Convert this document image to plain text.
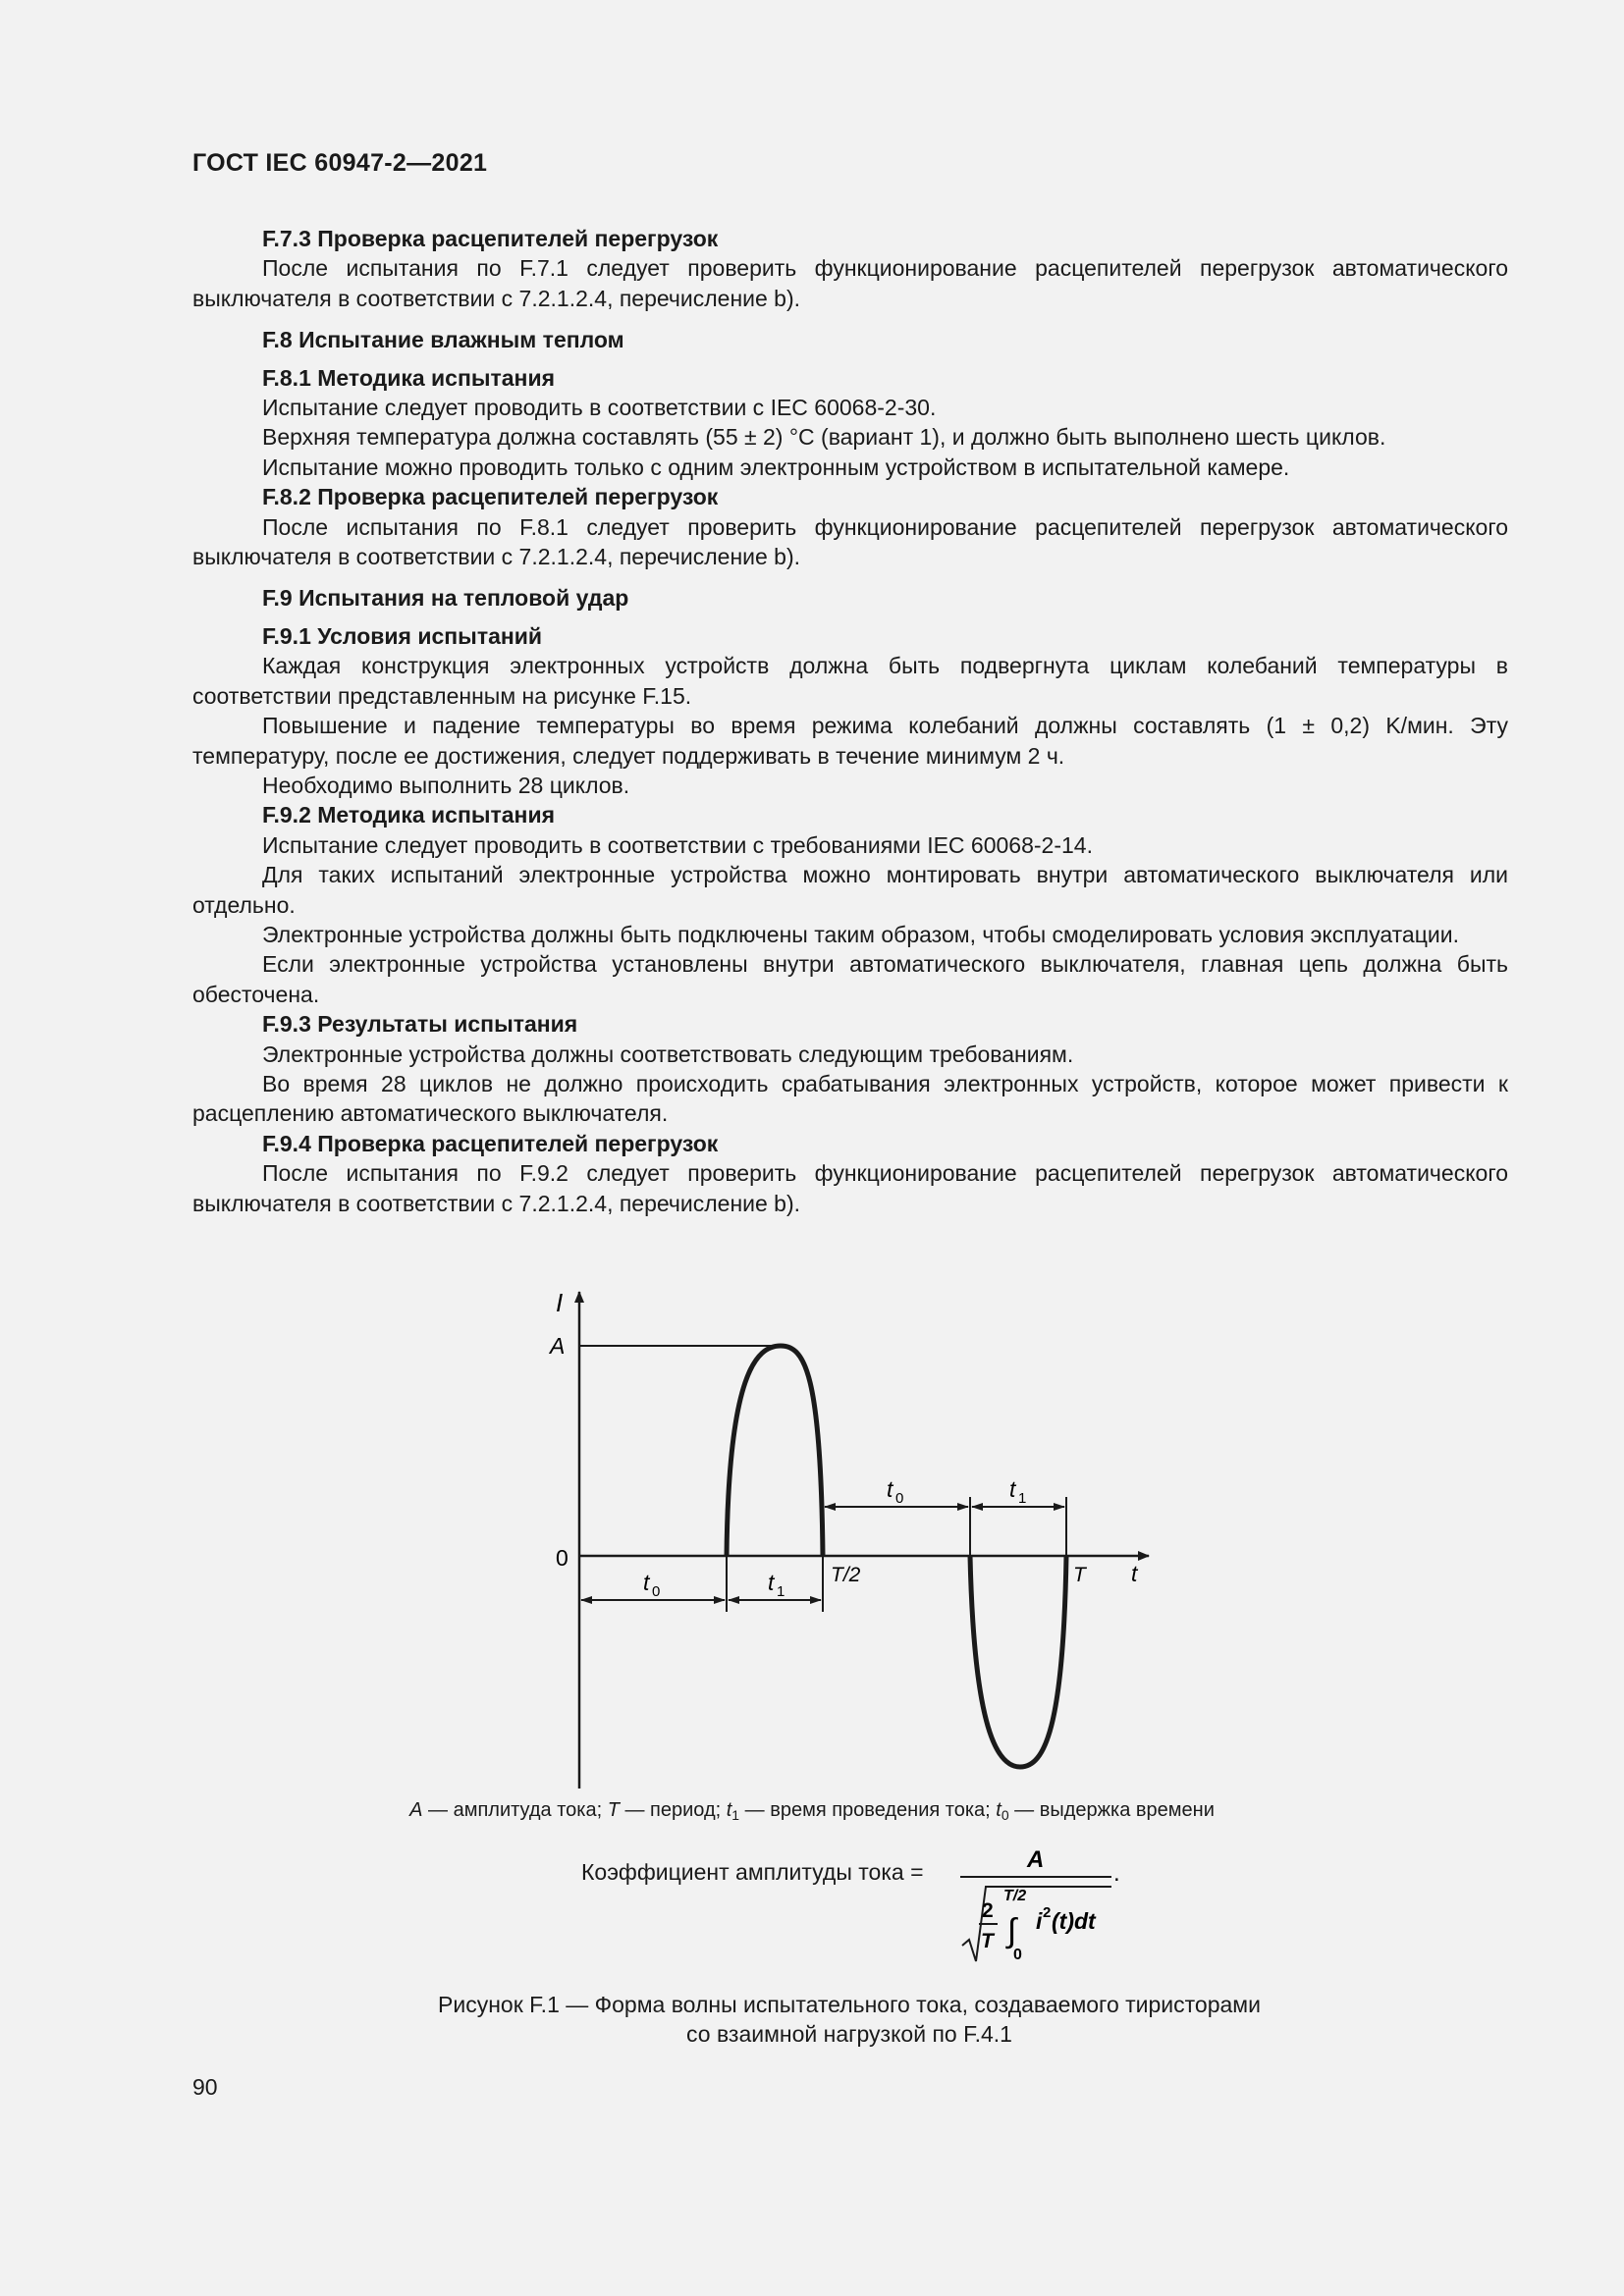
ГОСТ IEC 60947-2—2021
F.7.3 Проверка расцепителей перегрузок
После испытания по F.7.1 следует проверить функционирование расцепителей перегрузок автоматического выключателя в соответствии с 7.2.1.2.4, перечисление b).
F.8 Испытание влажным теплом
F.8.1 Методика испытания
Испытание следует проводить в соответствии с IEC 60068-2-30.
Верхняя температура должна составлять (55 ± 2) °C (вариант 1), и должно быть выполнено шесть циклов.
Испытание можно проводить только с одним электронным устройством в испытательной камере.
F.8.2 Проверка расцепителей перегрузок
После испытания по F.8.1 следует проверить функционирование расцепителей перегрузок автоматического выключателя в соответствии с 7.2.1.2.4, перечисление b).
F.9 Испытания на тепловой удар
F.9.1 Условия испытаний
Каждая конструкция электронных устройств должна быть подвергнута циклам колебаний температуры в соответствии представленным на рисунке F.15.
Повышение и падение температуры во время режима колебаний должны составлять (1 ± 0,2) K/мин. Эту температуру, после ее достижения, следует поддерживать в течение минимум 2 ч.
Необходимо выполнить 28 циклов.
F.9.2 Методика испытания
Испытание следует проводить в соответствии с требованиями IEC 60068-2-14.
Для таких испытаний электронные устройства можно монтировать внутри автоматического выключателя или отдельно.
Электронные устройства должны быть подключены таким образом, чтобы смоделировать условия эксплуатации.
Если электронные устройства установлены внутри автоматического выключателя, главная цепь должна быть обесточена.
F.9.3 Результаты испытания
Электронные устройства должны соответствовать следующим требованиям.
Во время 28 циклов не должно происходить срабатывания электронных устройств, которое может привести к расцеплению автоматического выключателя.
F.9.4 Проверка расцепителей перегрузок
После испытания по F.9.2 следует проверить функционирование расцепителей перегрузок автоматического выключателя в соответствии с 7.2.1.2.4, перечисление b).
I
A
0
t
T/2	T
t 0	t 1
t 0	t 1
A
.
2
T
T/2
∫
0
i 2 (t)dt
A — амплитуда тока; T — период; $t_1$ — время проведения тока; $t_0$ — выдержка времени
Коэффициент амплитуды тока =
Рисунок F.1 — Форма волны испытательного тока, создаваемого тиристорами
со взаимной нагрузкой по F.4.1
90
